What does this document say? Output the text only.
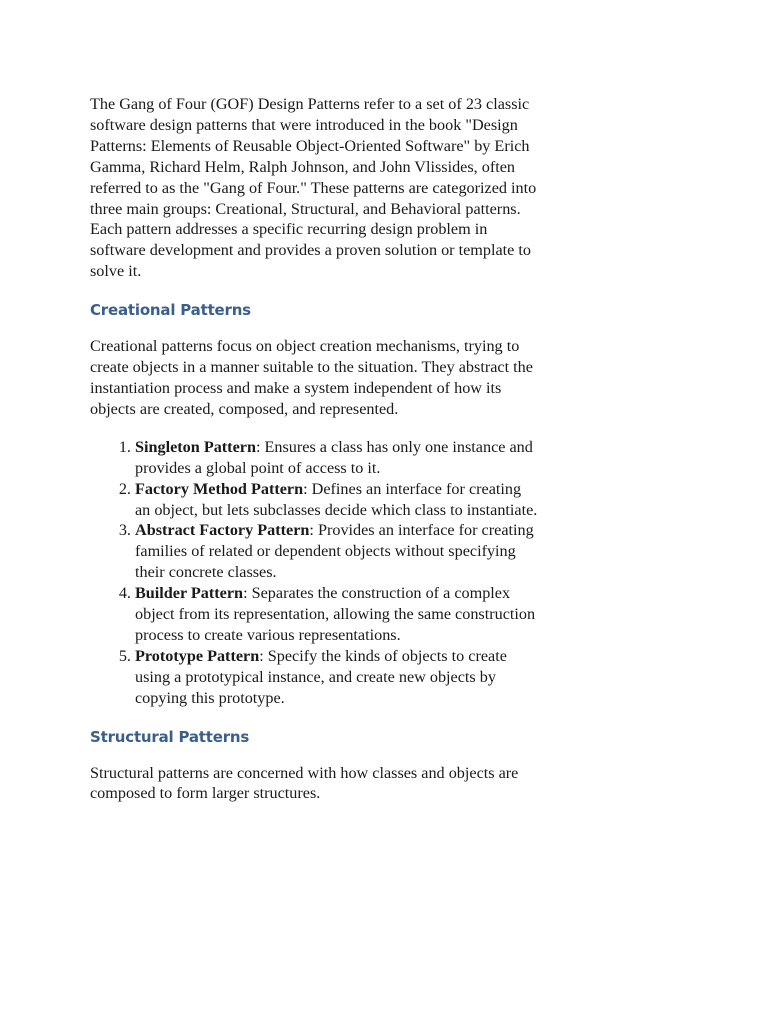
The Gang of Four (GOF) Design Patterns refer to a set of 23 classic software design patterns that were introduced in the book "Design Patterns: Elements of Reusable Object-Oriented Software" by Erich Gamma, Richard Helm, Ralph Johnson, and John Vlissides, often referred to as the "Gang of Four." These patterns are categorized into three main groups: Creational, Structural, and Behavioral patterns. Each pattern addresses a specific recurring design problem in software development and provides a proven solution or template to solve it.

Creational Patterns

Creational patterns focus on object creation mechanisms, trying to create objects in a manner suitable to the situation. They abstract the instantiation process and make a system independent of how its objects are created, composed, and represented.

1. Singleton Pattern: Ensures a class has only one instance and provides a global point of access to it.
2. Factory Method Pattern: Defines an interface for creating an object, but lets subclasses decide which class to instantiate.
3. Abstract Factory Pattern: Provides an interface for creating families of related or dependent objects without specifying their concrete classes.
4. Builder Pattern: Separates the construction of a complex object from its representation, allowing the same construction process to create various representations.
5. Prototype Pattern: Specify the kinds of objects to create using a prototypical instance, and create new objects by copying this prototype.
Structural Patterns

Structural patterns are concerned with how classes and objects are composed to form larger structures.
